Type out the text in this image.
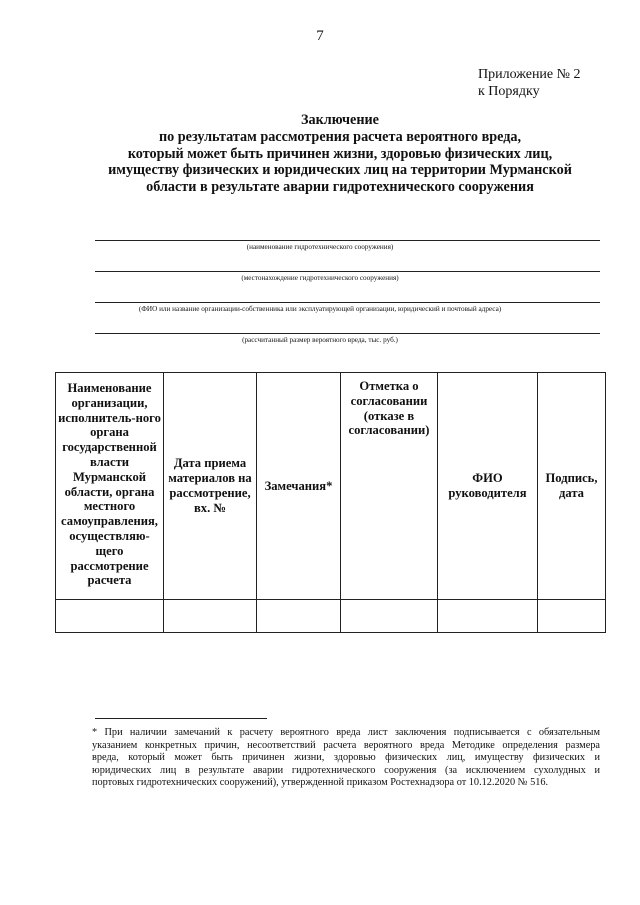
7
Приложение № 2
к Порядку
Заключение
по результатам рассмотрения расчета вероятного вреда,
который может быть причинен жизни, здоровью физических лиц,
имуществу физических и юридических лиц на территории Мурманской
области в результате аварии гидротехнического сооружения
(наименование гидротехнического сооружения)
(местонахождение гидротехнического сооружения)
(ФИО или название организации-собственника или эксплуатирующей организации, юридический и почтовый адреса)
(рассчитанный размер вероятного вреда, тыс. руб.)
Наименование организации, исполнитель-ного органа государственной власти Мурманской области, органа местного самоуправления, осуществляю-щего рассмотрение расчета	Дата приема материалов на рассмотрение, вх. №	Замечания*	Отметка о согласовании (отказе в согласовании)	ФИО руководителя	Подпись, дата

* При наличии замечаний к расчету вероятного вреда лист заключения подписывается с обязательным
указанием конкретных причин, несоответствий расчета вероятного вреда Методике определения размера
вреда, который может быть причинен жизни, здоровью физических лиц, имуществу физических и
юридических лиц в результате аварии гидротехнического сооружения (за исключением сухолудных и
портовых гидротехнических сооружений), утвержденной приказом Ростехнадзора от 10.12.2020 № 516.
